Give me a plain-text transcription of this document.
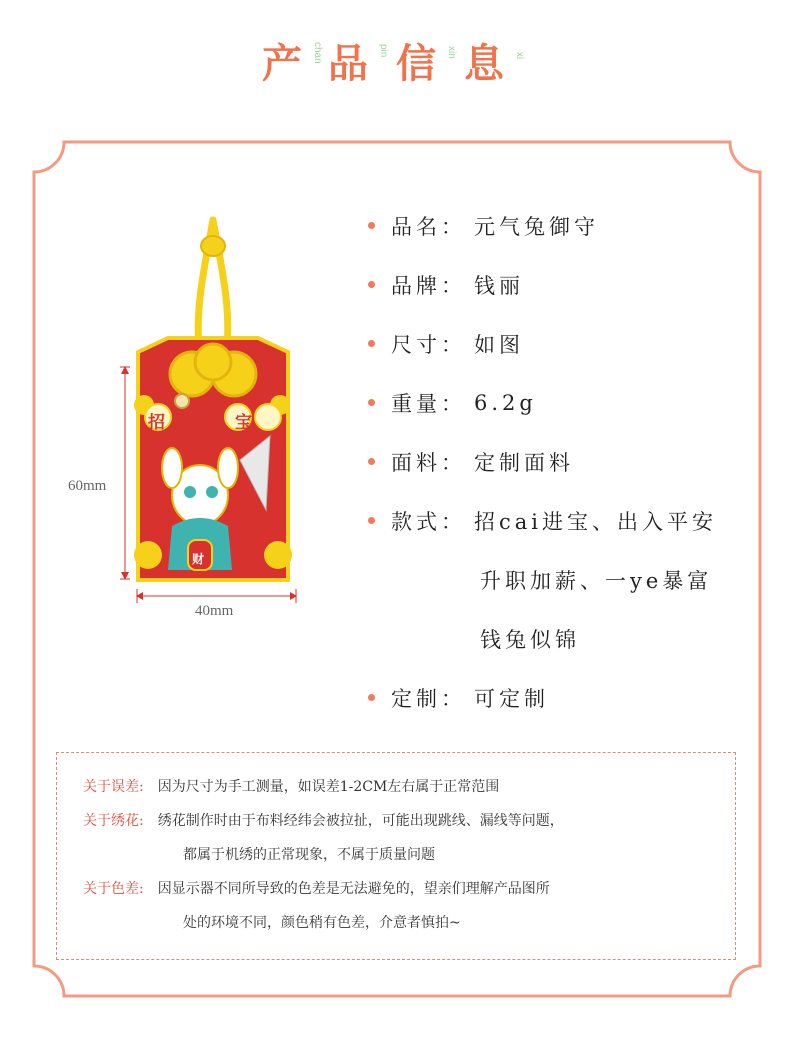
产 chan 品 pin 信 xin 息 xi
招财进宝
财
60mm
40mm
品名： 元气兔御守
品牌： 钱丽
尺寸： 如图
重量： 6.2g
面料： 定制面料
款式： 招cai进宝、出入平安
升职加薪、一ye暴富
钱兔似锦
定制： 可定制
关于误差: 因为尺寸为手工测量，如误差1-2CM左右属于正常范围
关于绣花: 绣花制作时由于布料经纬会被拉扯，可能出现跳线、漏线等问题，
都属于机绣的正常现象，不属于质量问题
关于色差: 因显示器不同所导致的色差是无法避免的，望亲们理解产品图所
处的环境不同，颜色稍有色差，介意者慎拍~
